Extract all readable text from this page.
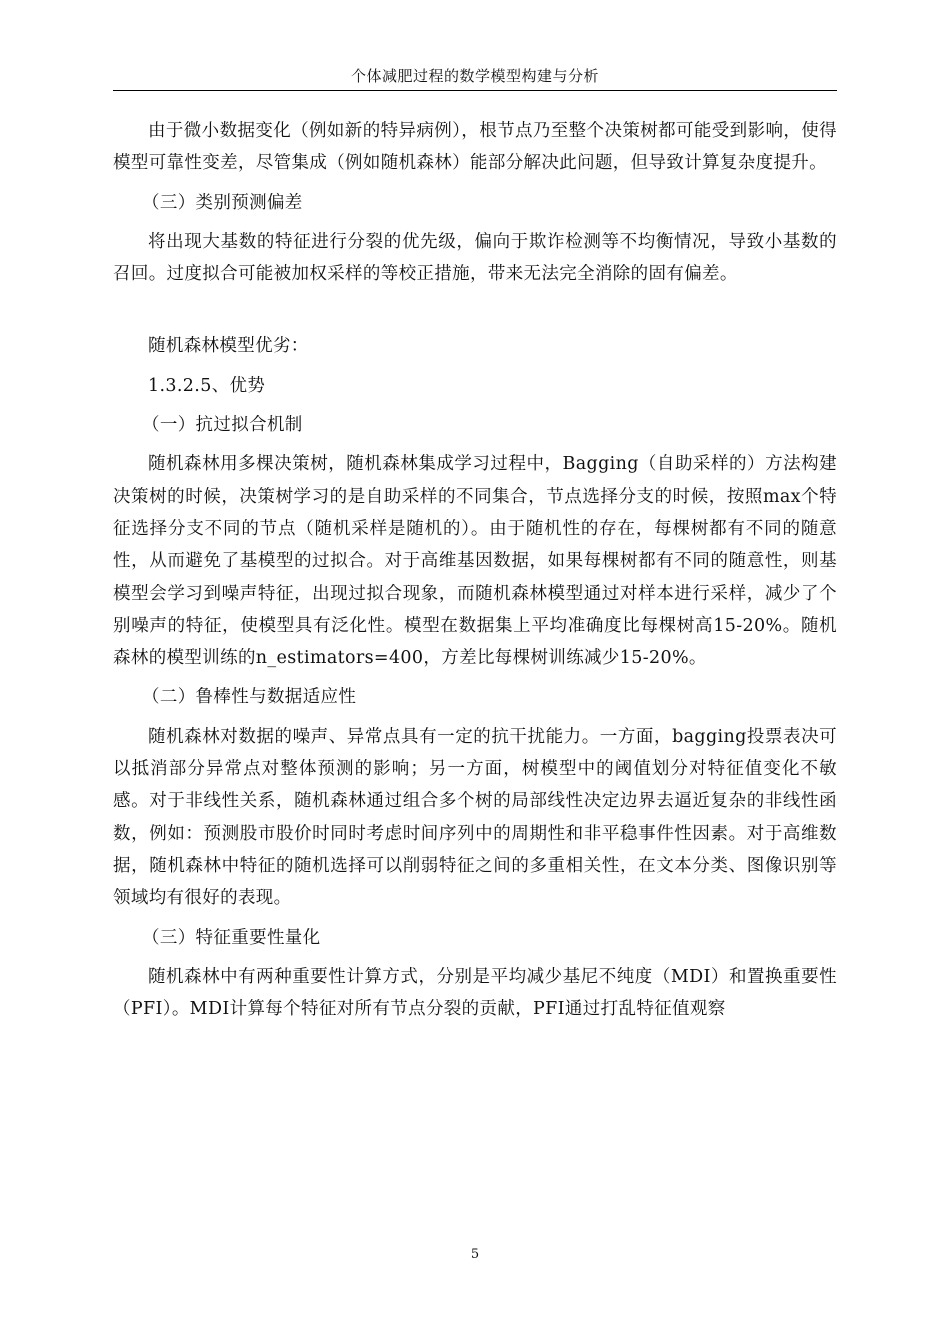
个体减肥过程的数学模型构建与分析

由于微小数据变化（例如新的特异病例），根节点乃至整个决策树都可能受到影响，使得模型可靠性变差，尽管集成（例如随机森林）能部分解决此问题，但导致计算复杂度提升。

（三）类别预测偏差

将出现大基数的特征进行分裂的优先级，偏向于欺诈检测等不均衡情况，导致小基数的召回。过度拟合可能被加权采样的等校正措施，带来无法完全消除的固有偏差。

随机森林模型优劣：

1.3.2.5、优势

（一）抗过拟合机制

随机森林用多棵决策树，随机森林集成学习过程中，Bagging（自助采样的）方法构建决策树的时候，决策树学习的是自助采样的不同集合，节点选择分支的时候，按照max个特征选择分支不同的节点（随机采样是随机的）。由于随机性的存在，每棵树都有不同的随意性，从而避免了基模型的过拟合。对于高维基因数据，如果每棵树都有不同的随意性，则基模型会学习到噪声特征，出现过拟合现象，而随机森林模型通过对样本进行采样，减少了个别噪声的特征，使模型具有泛化性。模型在数据集上平均准确度比每棵树高15-20%。随机森林的模型训练的n_estimators=400，方差比每棵树训练减少15-20%。

（二）鲁棒性与数据适应性

随机森林对数据的噪声、异常点具有一定的抗干扰能力。一方面，bagging投票表决可以抵消部分异常点对整体预测的影响；另一方面，树模型中的阈值划分对特征值变化不敏感。对于非线性关系，随机森林通过组合多个树的局部线性决定边界去逼近复杂的非线性函数，例如：预测股市股价时同时考虑时间序列中的周期性和非平稳事件性因素。对于高维数据，随机森林中特征的随机选择可以削弱特征之间的多重相关性，在文本分类、图像识别等领域均有很好的表现。

（三）特征重要性量化

随机森林中有两种重要性计算方式，分别是平均减少基尼不纯度（MDI）和置换重要性（PFI）。MDI计算每个特征对所有节点分裂的贡献，PFI通过打乱特征值观察

5
